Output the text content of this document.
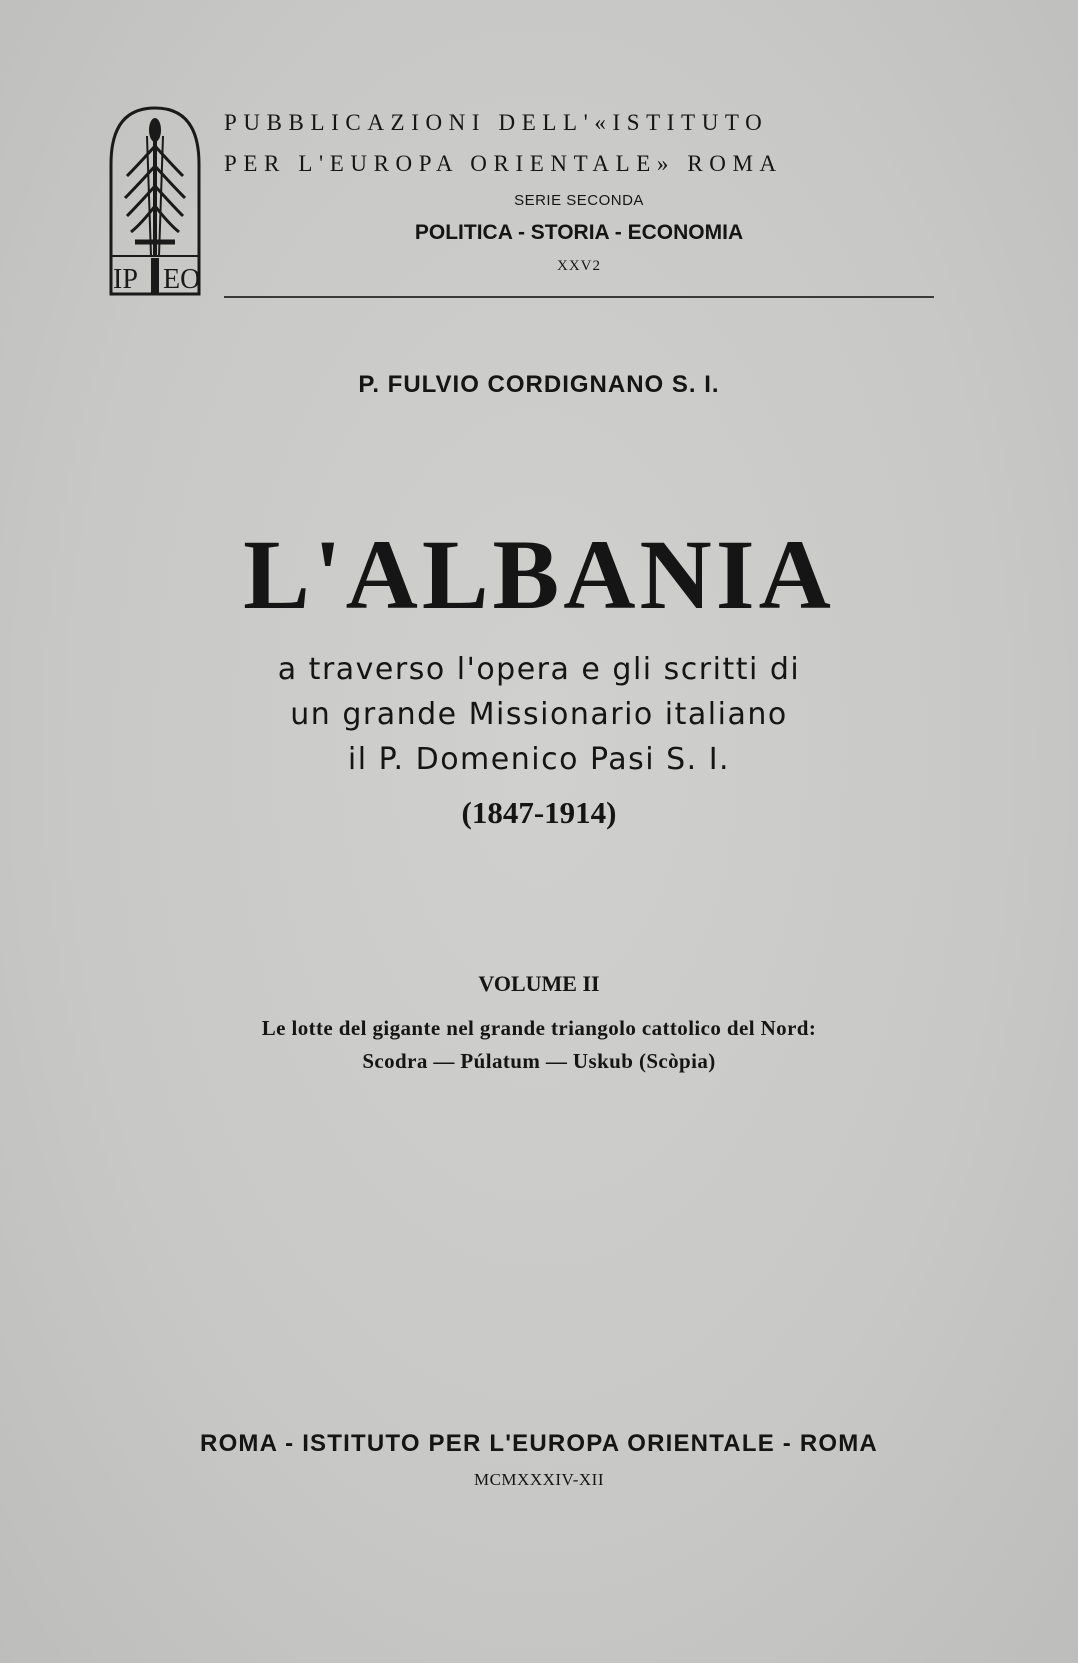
IP EO
PUBBLICAZIONI DELL'«ISTITUTO
PER L'EUROPA ORIENTALE» ROMA
SERIE SECONDA
POLITICA - STORIA - ECONOMIA
XXV2
P. FULVIO CORDIGNANO S. I.
L'ALBANIA
a traverso l'opera e gli scritti di
un grande Missionario italiano
il P. Domenico Pasi S. I.
(1847-1914)
VOLUME II
Le lotte del gigante nel grande triangolo cattolico del Nord:
Scodra — Púlatum — Uskub (Scòpia)
ROMA - ISTITUTO PER L'EUROPA ORIENTALE - ROMA
MCMXXXIV-XII
